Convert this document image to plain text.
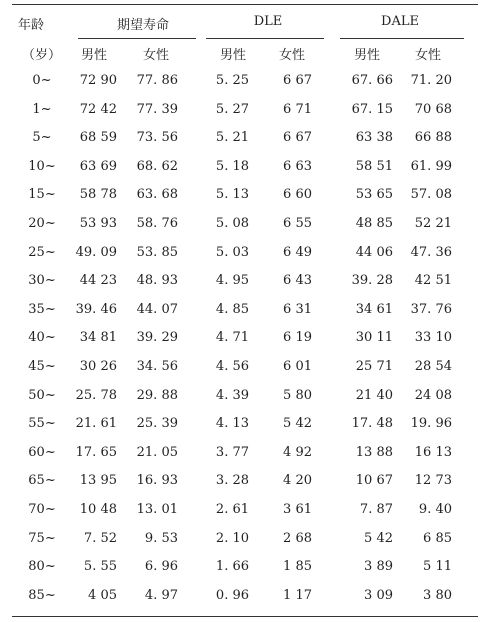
年龄
（岁）
期望寿命	DLE	DALE
男性	女性	男性	女性	男性	女性
0~	72 90	77. 86	5. 25	6 67	67. 66	71. 20
1~	72 42	77. 39	5. 27	6 71	67. 15	70 68
5~	68 59	73. 56	5. 21	6 67	63 38	66 88
10~	63 69	68. 62	5. 18	6 63	58 51	61. 99
15~	58 78	63. 68	5. 13	6 60	53 65	57. 08
20~	53 93	58. 76	5. 08	6 55	48 85	52 21
25~	49. 09	53. 85	5. 03	6 49	44 06	47. 36
30~	44 23	48. 93	4. 95	6 43	39. 28	42 51
35~	39. 46	44. 07	4. 85	6 31	34 61	37. 76
40~	34 81	39. 29	4. 71	6 19	30 11	33 10
45~	30 26	34. 56	4. 56	6 01	25 71	28 54
50~	25. 78	29. 88	4. 39	5 80	21 40	24 08
55~	21. 61	25. 39	4. 13	5 42	17. 48	19. 96
60~	17. 65	21. 05	3. 77	4 92	13 88	16 13
65~	13 95	16. 93	3. 28	4 20	10 67	12 73
70~	10 48	13. 01	2. 61	3 61	7. 87	9. 40
75~	7. 52	9. 53	2. 10	2 68	5 42	6 85
80~	5. 55	6. 96	1. 66	1 85	3 89	5 11
85~	4 05	4. 97	0. 96	1 17	3 09	3 80
